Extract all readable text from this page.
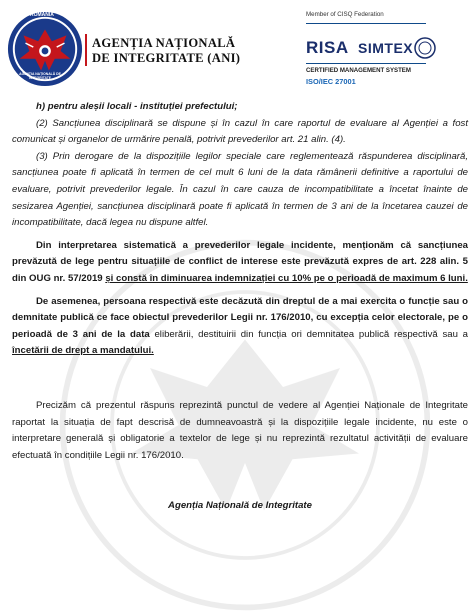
ROMÂNIA
AGENȚIA NAȚIONALĂ DE INTEGRITATE
AGENȚIA NAȚIONALĂ
DE INTEGRITATE (ANI)
Member of CISQ Federation
RISA SIMTEX
CERTIFIED MANAGEMENT SYSTEM
ISO/IEC 27001

h) pentru aleșii locali - instituției prefectului;

(2) Sancțiunea disciplinară se dispune și în cazul în care raportul de evaluare al Agenției a fost comunicat și organelor de urmărire penală, potrivit prevederilor art. 21 alin. (4).

(3) Prin derogare de la dispozițiile legilor speciale care reglementează răspunderea disciplinară, sancțiunea poate fi aplicată în termen de cel mult 6 luni de la data rămânerii definitive a raportului de evaluare, potrivit prevederilor legale. În cazul în care cauza de incompatibilitate a încetat înainte de sesizarea Agenției, sancțiunea disciplinară poate fi aplicată în termen de 3 ani de la încetarea cauzei de incompatibilitate, dacă legea nu dispune altfel.

Din interpretarea sistematică a prevederilor legale incidente, menționăm că sancțiunea prevăzută de lege pentru situațiile de conflict de interese este prevăzută expres de art. 228 alin. 5 din OUG nr. 57/2019 și constă în diminuarea indemnizației cu 10% pe o perioadă de maximum 6 luni.

De asemenea, persoana respectivă este decăzută din dreptul de a mai exercita o funcție sau o demnitate publică ce face obiectul prevederilor Legii nr. 176/2010, cu excepția celor electorale, pe o perioadă de 3 ani de la data eliberării, destituirii din funcția ori demnitatea publică respectivă sau a încetării de drept a mandatului.

Precizăm că prezentul răspuns reprezintă punctul de vedere al Agenției Naționale de Integritate raportat la situația de fapt descrisă de dumneavoastră și la dispozițiile legale incidente, nu este o interpretare generală și obligatorie a textelor de lege și nu reprezintă rezultatul activității de evaluare efectuată în condițiile Legii nr. 176/2010.

Agenția Națională de Integritate
